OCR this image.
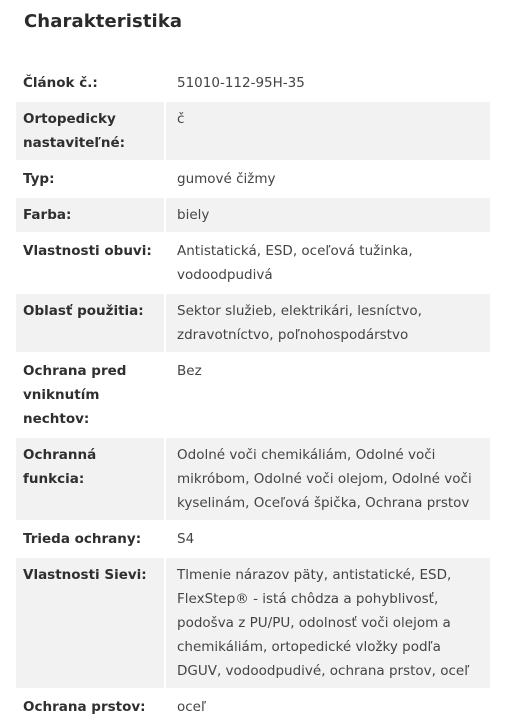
Charakteristika
Článok č.:	51010-112-95H-35
Ortopedicky nastaviteľné:	č
Typ:	gumové čižmy
Farba:	biely
Vlastnosti obuvi:	Antistatická, ESD, oceľová tužinka, vodoodpudivá
Oblasť použitia:	Sektor služieb, elektrikári, lesníctvo, zdravotníctvo, poľnohospodárstvo
Ochrana pred vniknutím nechtov:	Bez
Ochranná funkcia:	Odolné voči chemikáliám, Odolné voči mikróbom, Odolné voči olejom, Odolné voči kyselinám, Oceľová špička, Ochrana prstov
Trieda ochrany:	S4
Vlastnosti Sievi:	Tlmenie nárazov päty, antistatické, ESD, FlexStep® - istá chôdza a pohyblivosť, podošva z PU/PU, odolnosť voči olejom a chemikáliám, ortopedické vložky podľa DGUV, vodoodpudivé, ochrana prstov, oceľ
Ochrana prstov:	oceľ
